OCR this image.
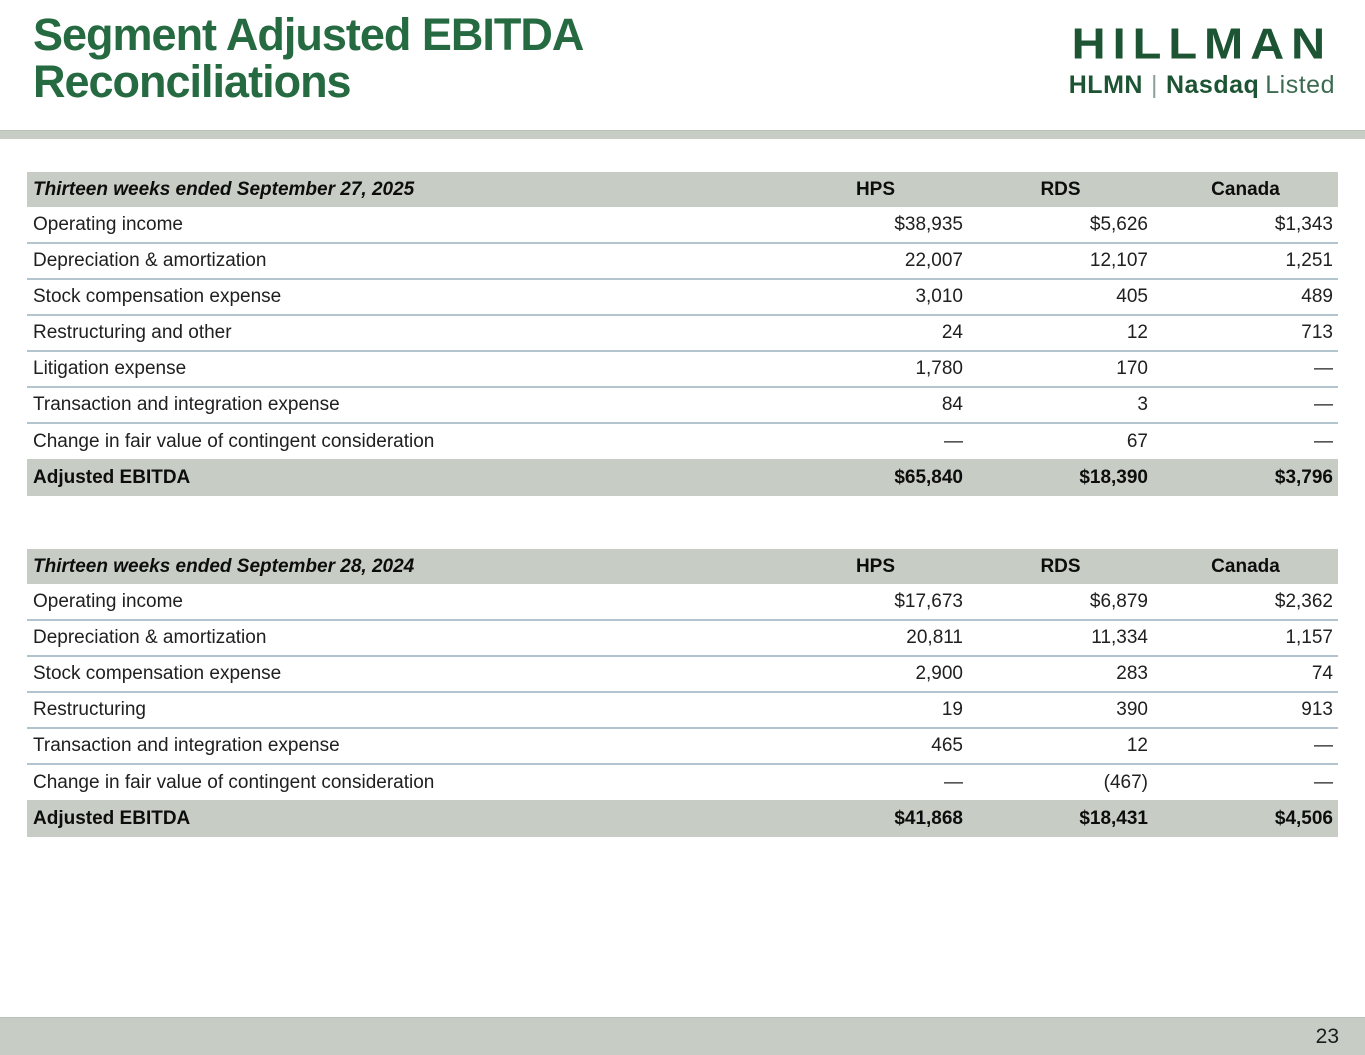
Segment Adjusted EBITDA
Reconciliations
HILLMAN
HLMN | Nasdaq Listed
Thirteen weeks ended September 27, 2025	HPS	RDS	Canada
Operating income	$38,935	$5,626	$1,343
Depreciation & amortization	22,007	12,107	1,251
Stock compensation expense	3,010	405	489
Restructuring and other	24	12	713
Litigation expense	1,780	170	—
Transaction and integration expense	84	3	—
Change in fair value of contingent consideration	—	67	—
Adjusted EBITDA	$65,840	$18,390	$3,796
Thirteen weeks ended September 28, 2024	HPS	RDS	Canada
Operating income	$17,673	$6,879	$2,362
Depreciation & amortization	20,811	11,334	1,157
Stock compensation expense	2,900	283	74
Restructuring	19	390	913
Transaction and integration expense	465	12	—
Change in fair value of contingent consideration	—	(467)	—
Adjusted EBITDA	$41,868	$18,431	$4,506
23
